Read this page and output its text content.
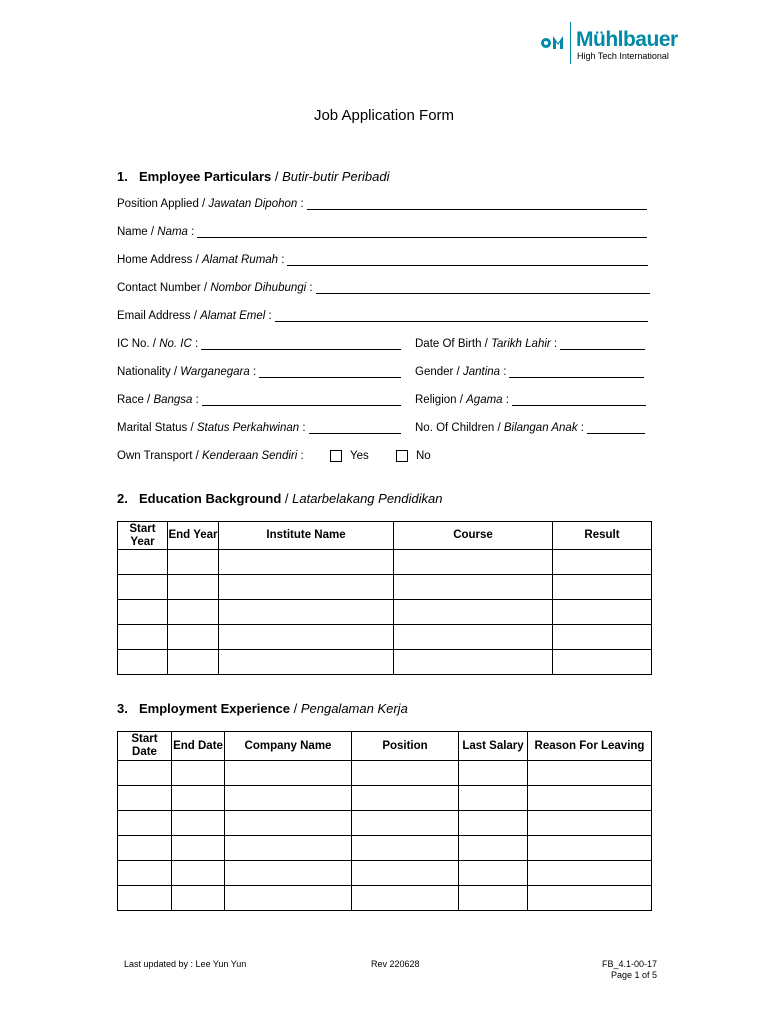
Mühlbauer
High Tech International
Job Application Form
1. Employee Particulars / Butir-butir Peribadi
Position Applied / Jawatan Dipohon :
Name / Nama :
Home Address / Alamat Rumah :
Contact Number / Nombor Dihubungi :
Email Address / Alamat Emel :
IC No. / No. IC :	Date Of Birth / Tarikh Lahir :
Nationality / Warganegara :	Gender / Jantina :
Race / Bangsa :	Religion / Agama :
Marital Status / Status Perkahwinan :	No. Of Children / Bilangan Anak :
Own Transport / Kenderaan Sendiri :	Yes	No
2. Education Background / Latarbelakang Pendidikan
Start Year	End Year	Institute Name	Course	Result

3. Employment Experience / Pengalaman Kerja
Start Date	End Date	Company Name	Position	Last Salary	Reason For Leaving

Last updated by : Lee Yun Yun	Rev 220628	FB_4.1-00-17
Page 1 of 5
